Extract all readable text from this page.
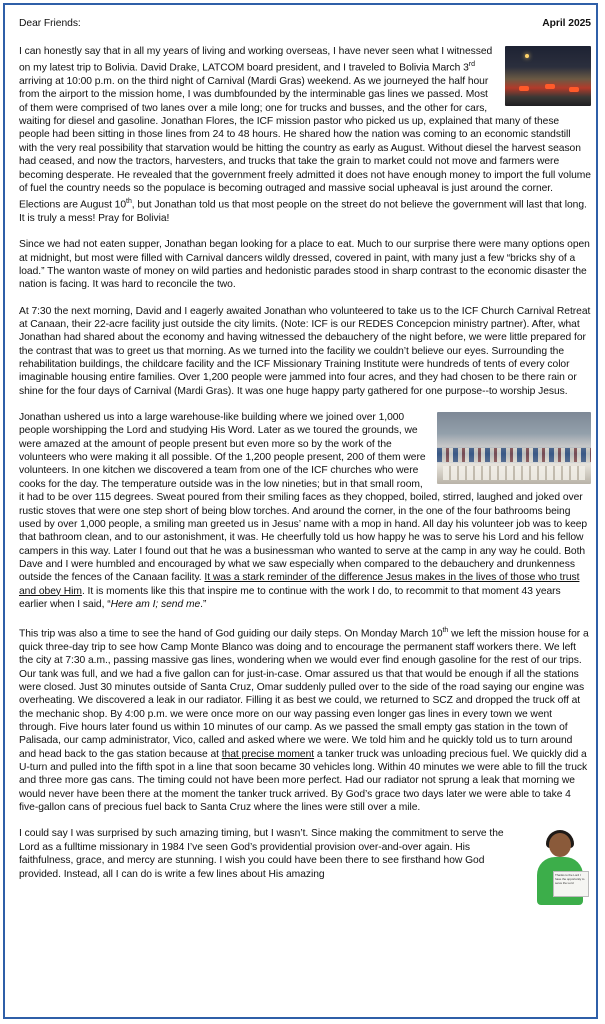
Dear Friends:	April 2025

I can honestly say that in all my years of living and working overseas, I have never seen what I witnessed on my latest trip to Bolivia. David Drake, LATCOM board president, and I traveled to Bolivia March 3rd arriving at 10:00 p.m. on the third night of Carnival (Mardi Gras) weekend. As we journeyed the half hour from the airport to the mission home, I was dumbfounded by the interminable gas lines we passed. Most of them were comprised of two lanes over a mile long; one for trucks and busses, and the other for cars, waiting for diesel and gasoline. Jonathan Flores, the ICF mission pastor who picked us up, explained that many of these people had been sitting in those lines from 24 to 48 hours. He shared how the nation was coming to an economic standstill with the very real possibility that starvation would be hitting the country as early as August. Without diesel the harvest season had ceased, and now the tractors, harvesters, and trucks that take the grain to market could not move and farmers were becoming desperate. He revealed that the government freely admitted it does not have enough money to import the full volume of fuel the country needs so the populace is becoming outraged and massive social upheaval is just around the corner. Elections are August 10th, but Jonathan told us that most people on the street do not believe the government will last that long. It is truly a mess! Pray for Bolivia!

Since we had not eaten supper, Jonathan began looking for a place to eat. Much to our surprise there were many options open at midnight, but most were filled with Carnival dancers wildly dressed, covered in paint, with many just a few “bricks shy of a load.” The wanton waste of money on wild parties and hedonistic parades stood in sharp contrast to the economic disaster the nation is facing. It was hard to reconcile the two.

At 7:30 the next morning, David and I eagerly awaited Jonathan who volunteered to take us to the ICF Church Carnival Retreat at Canaan, their 22-acre facility just outside the city limits. (Note: ICF is our REDES Concepcion ministry partner). After, what Jonathan had shared about the economy and having witnessed the debauchery of the night before, we were little prepared for the contrast that was to greet us that morning. As we turned into the facility we couldn’t believe our eyes. Surrounding the rehabilitation buildings, the childcare facility and the ICF Missionary Training Institute were hundreds of tents of every color imaginable housing entire families. Over 1,200 people were jammed into four acres, and they had chosen to be there rain or shine for the four days of Carnival (Mardi Gras). It was one huge happy party gathered for one purpose--to worship Jesus.

Jonathan ushered us into a large warehouse-like building where we joined over 1,000 people worshipping the Lord and studying His Word. Later as we toured the grounds, we were amazed at the amount of people present but even more so by the work of the volunteers who were making it all possible. Of the 1,200 people present, 200 of them were volunteers. In one kitchen we discovered a team from one of the ICF churches who were cooks for the day. The temperature outside was in the low nineties; but in that small room, it had to be over 115 degrees. Sweat poured from their smiling faces as they chopped, boiled, stirred, laughed and joked over rustic stoves that were one step short of being blow torches. And around the corner, in the one of the four bathrooms being used by over 1,000 people, a smiling man greeted us in Jesus’ name with a mop in hand. All day his volunteer job was to keep that bathroom clean, and to our astonishment, it was. He cheerfully told us how happy he was to serve his Lord and his fellow campers in this way. Later I found out that he was a businessman who wanted to serve at the camp in any way he could. Both Dave and I were humbled and encouraged by what we saw especially when compared to the debauchery and drunkenness outside the fences of the Canaan facility. It was a stark reminder of the difference Jesus makes in the lives of those who trust and obey Him. It is moments like this that inspire me to continue with the work I do, to recommit to that moment 43 years earlier when I said, “Here am I; send me.”

This trip was also a time to see the hand of God guiding our daily steps. On Monday March 10th we left the mission house for a quick three-day trip to see how Camp Monte Blanco was doing and to encourage the permanent staff workers there. We left the city at 7:30 a.m., passing massive gas lines, wondering when we would ever find enough gasoline for the rest of our trips. Our tank was full, and we had a five gallon can for just-in-case. Omar assured us that that would be enough if all the stations were closed. Just 30 minutes outside of Santa Cruz, Omar suddenly pulled over to the side of the road saying our engine was overheating. We discovered a leak in our radiator. Filling it as best we could, we returned to SCZ and dropped the truck off at the mechanic shop. By 4:00 p.m. we were once more on our way passing even longer gas lines in every town we went through. Five hours later found us within 10 minutes of our camp. As we passed the small empty gas station in the town of Palisada, our camp administrator, Vico, called and asked where we were. We told him and he quickly told us to turn around and head back to the gas station because at that precise moment a tanker truck was unloading precious fuel. We quickly did a U-turn and pulled into the fifth spot in a line that soon became 30 vehicles long. Within 40 minutes we were able to fill the truck and three more gas cans. The timing could not have been more perfect. Had our radiator not sprung a leak that morning we would never have been there at the moment the tanker truck arrived. By God’s grace two days later we were able to take 4 five-gallon cans of precious fuel back to Santa Cruz where the lines were still over a mile.

Thanks to the Lord I have the opportunity to serve the Lord
I could say I was surprised by such amazing timing, but I wasn’t. Since making the commitment to serve the Lord as a fulltime missionary in 1984 I’ve seen God’s providential provision over-and-over again. His faithfulness, grace, and mercy are stunning. I wish you could have been there to see firsthand how God provided. Instead, all I can do is write a few lines about His amazing
